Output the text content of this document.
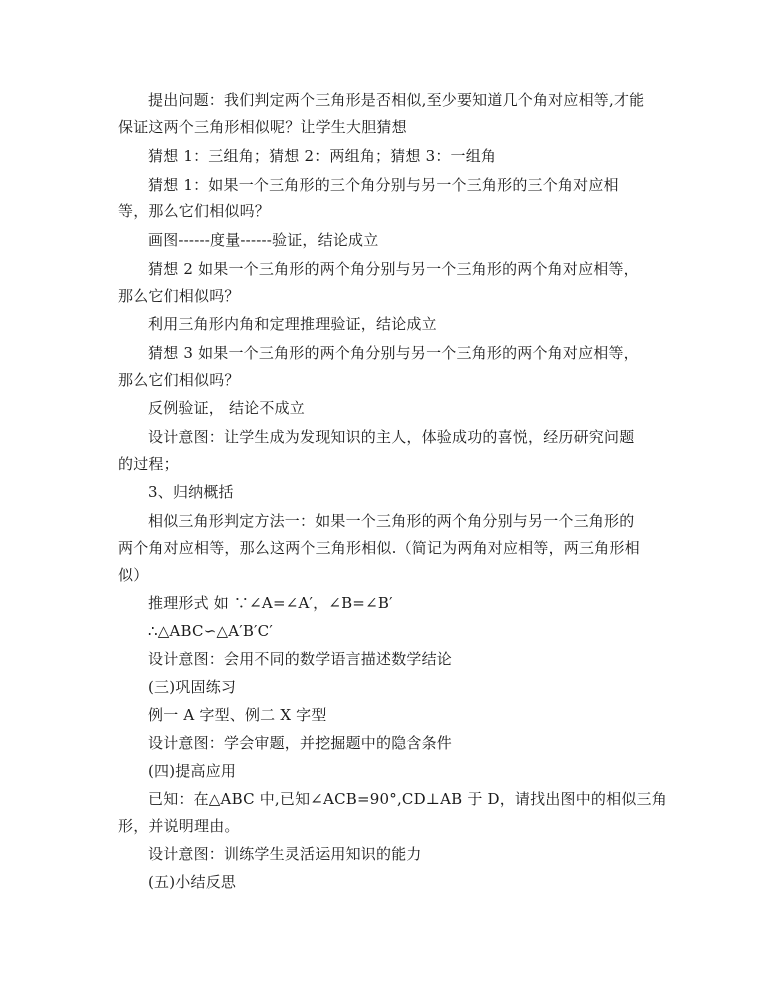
提出问题：我们判定两个三角形是否相似,至少要知道几个角对应相等,才能
保证这两个三角形相似呢？让学生大胆猜想
猜想 1：三组角；猜想 2：两组角；猜想 3：一组角
猜想 1：如果一个三角形的三个角分别与另一个三角形的三个角对应相
等，那么它们相似吗？
画图------度量------验证，结论成立
猜想 2 如果一个三角形的两个角分别与另一个三角形的两个角对应相等，
那么它们相似吗？
利用三角形内角和定理推理验证，结论成立
猜想 3 如果一个三角形的两个角分别与另一个三角形的两个角对应相等，
那么它们相似吗？
反例验证， 结论不成立
设计意图：让学生成为发现知识的主人，体验成功的喜悦，经历研究问题
的过程；
3、归纳概括
相似三角形判定方法一：如果一个三角形的两个角分别与另一个三角形的
两个角对应相等，那么这两个三角形相似.（简记为两角对应相等，两三角形相
似）
推理形式 如 ∵∠A=∠A′，∠B=∠B′
∴△ABC∽△A′B′C′
设计意图：会用不同的数学语言描述数学结论
(三)巩固练习
例一 A 字型、例二 X 字型
设计意图：学会审题，并挖掘题中的隐含条件
(四)提高应用
已知：在△ABC 中,已知∠ACB=90°,CD⊥AB 于 D，请找出图中的相似三角
形，并说明理由。
设计意图：训练学生灵活运用知识的能力
(五)小结反思
